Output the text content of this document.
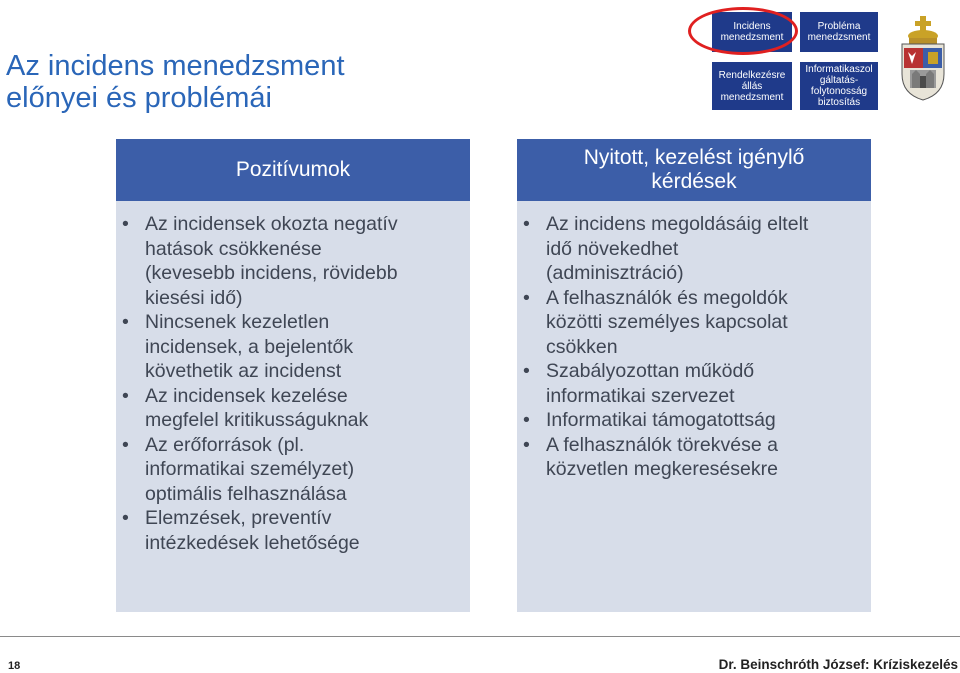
Az incidens menedzsment
előnyei és problémái
Incidens
menedzsment
Probléma
menedzsment
Rendelkezésre
állás
menedzsment
Informatikaszol
gáltatás-
folytonosság
biztosítás
Pozitívumok
• Az incidensek okozta negatív
hatások csökkenése
(kevesebb incidens, rövidebb
kiesési idő)
• Nincsenek kezeletlen
incidensek, a bejelentők
követhetik az incidenst
• Az incidensek kezelése
megfelel kritikusságuknak
• Az erőforrások (pl.
informatikai személyzet)
optimális felhasználása
• Elemzések, preventív
intézkedések lehetősége
Nyitott, kezelést igénylő
kérdések
• Az incidens megoldásáig eltelt
idő növekedhet
(adminisztráció)
• A felhasználók és megoldók
közötti személyes kapcsolat
csökken
• Szabályozottan működő
informatikai szervezet
• Informatikai támogatottság
• A felhasználók törekvése a
közvetlen megkeresésekre
18	Dr. Beinschróth József: Kríziskezelés
